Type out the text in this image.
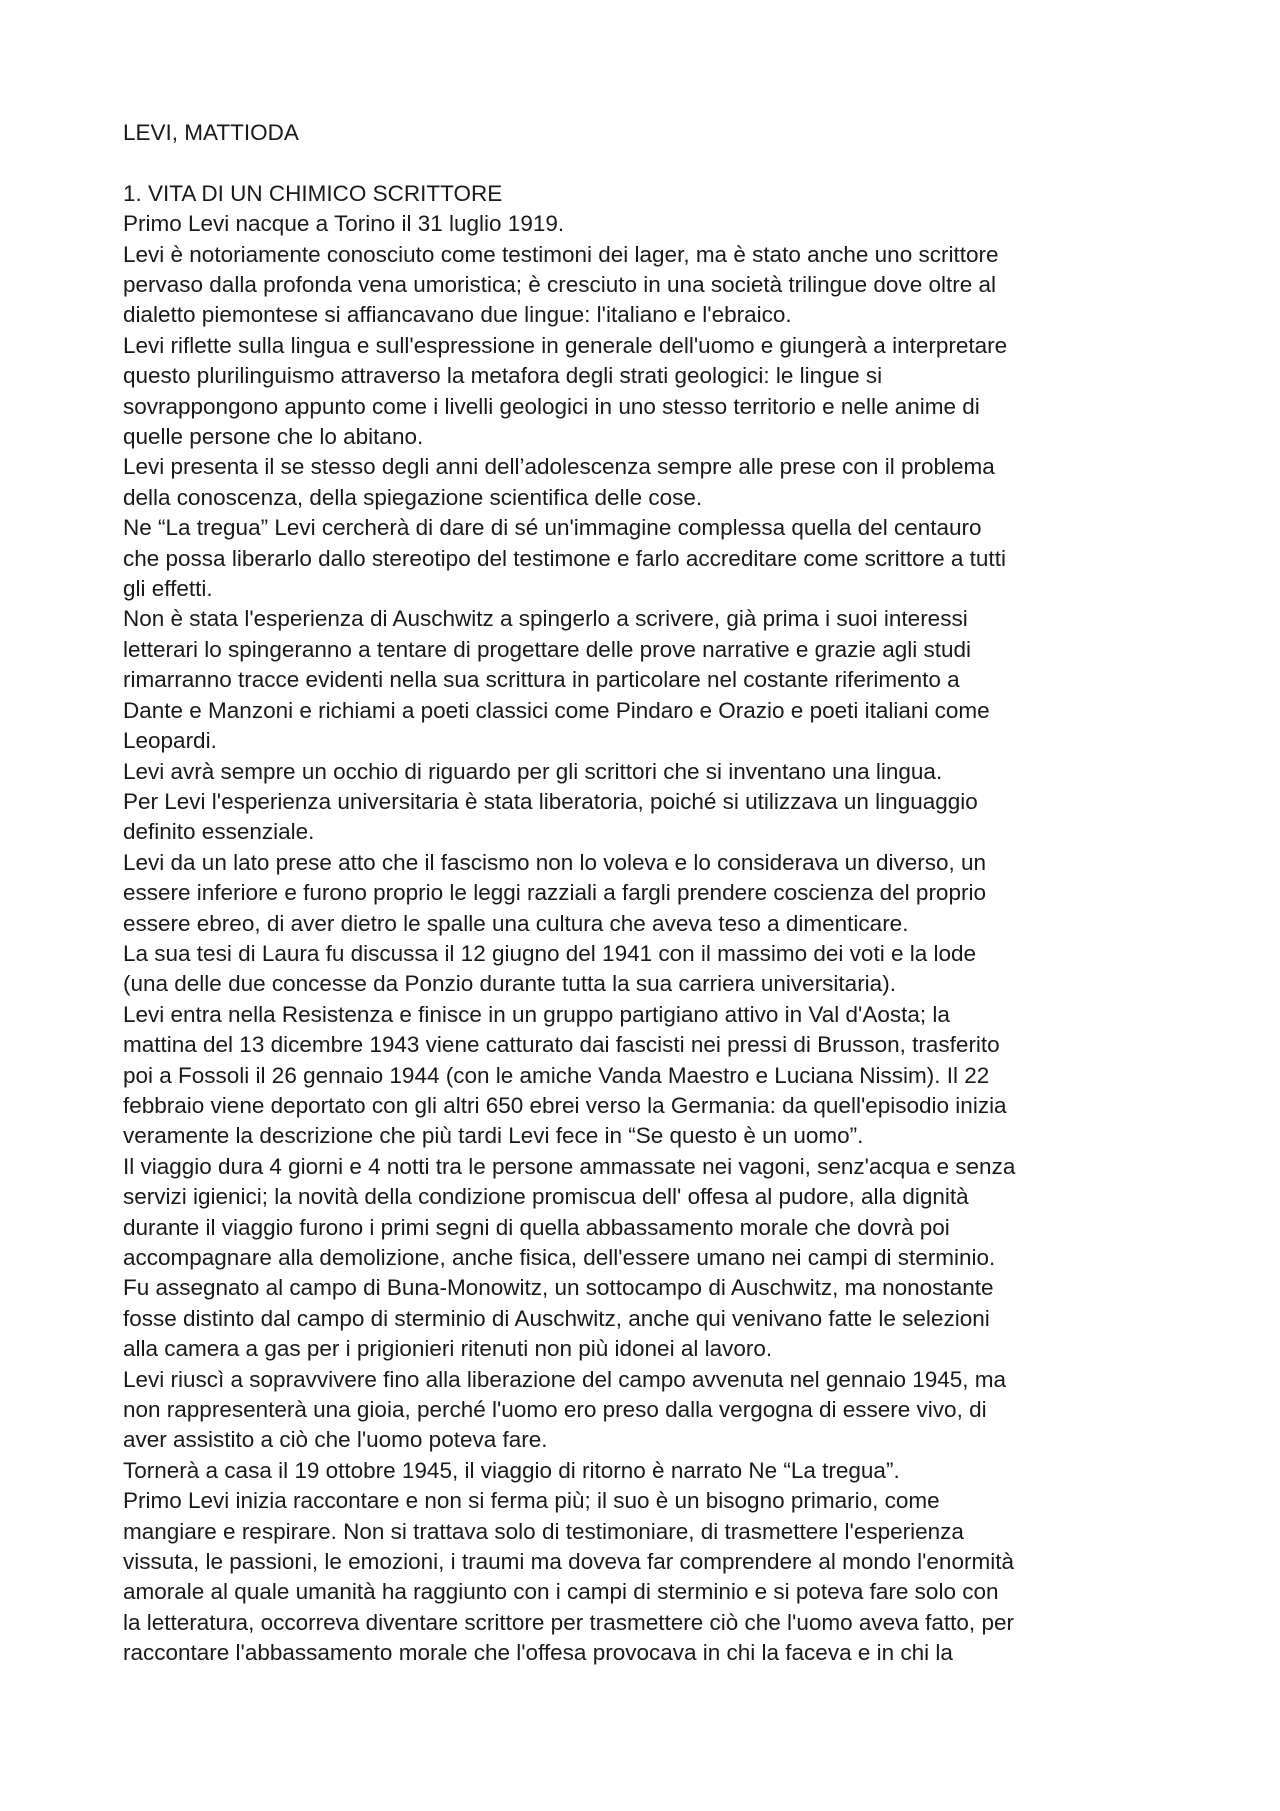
LEVI, MATTIODA
1. VITA DI UN CHIMICO SCRITTORE

Primo Levi nacque a Torino il 31 luglio 1919.

Levi è notoriamente conosciuto come testimoni dei lager, ma è stato anche uno scrittore
pervaso dalla profonda vena umoristica; è cresciuto in una società trilingue dove oltre al
dialetto piemontese si affiancavano due lingue: l'italiano e l'ebraico.

Levi riflette sulla lingua e sull'espressione in generale dell'uomo e giungerà a interpretare
questo plurilinguismo attraverso la metafora degli strati geologici: le lingue si
sovrappongono appunto come i livelli geologici in uno stesso territorio e nelle anime di
quelle persone che lo abitano.

Levi presenta il se stesso degli anni dell’adolescenza sempre alle prese con il problema
della conoscenza, della spiegazione scientifica delle cose.

Ne “La tregua” Levi cercherà di dare di sé un'immagine complessa quella del centauro
che possa liberarlo dallo stereotipo del testimone e farlo accreditare come scrittore a tutti
gli effetti.

Non è stata l'esperienza di Auschwitz a spingerlo a scrivere, già prima i suoi interessi
letterari lo spingeranno a tentare di progettare delle prove narrative e grazie agli studi
rimarranno tracce evidenti nella sua scrittura in particolare nel costante riferimento a
Dante e Manzoni e richiami a poeti classici come Pindaro e Orazio e poeti italiani come
Leopardi.

Levi avrà sempre un occhio di riguardo per gli scrittori che si inventano una lingua.

Per Levi l'esperienza universitaria è stata liberatoria, poiché si utilizzava un linguaggio
definito essenziale.

Levi da un lato prese atto che il fascismo non lo voleva e lo considerava un diverso, un
essere inferiore e furono proprio le leggi razziali a fargli prendere coscienza del proprio
essere ebreo, di aver dietro le spalle una cultura che aveva teso a dimenticare.

La sua tesi di Laura fu discussa il 12 giugno del 1941 con il massimo dei voti e la lode
(una delle due concesse da Ponzio durante tutta la sua carriera universitaria).

Levi entra nella Resistenza e finisce in un gruppo partigiano attivo in Val d'Aosta; la
mattina del 13 dicembre 1943 viene catturato dai fascisti nei pressi di Brusson, trasferito
poi a Fossoli il 26 gennaio 1944 (con le amiche Vanda Maestro e Luciana Nissim). Il 22
febbraio viene deportato con gli altri 650 ebrei verso la Germania: da quell'episodio inizia
veramente la descrizione che più tardi Levi fece in “Se questo è un uomo”.

Il viaggio dura 4 giorni e 4 notti tra le persone ammassate nei vagoni, senz'acqua e senza
servizi igienici; la novità della condizione promiscua dell' offesa al pudore, alla dignità
durante il viaggio furono i primi segni di quella abbassamento morale che dovrà poi
accompagnare alla demolizione, anche fisica, dell'essere umano nei campi di sterminio.

Fu assegnato al campo di Buna-Monowitz, un sottocampo di Auschwitz, ma nonostante
fosse distinto dal campo di sterminio di Auschwitz, anche qui venivano fatte le selezioni
alla camera a gas per i prigionieri ritenuti non più idonei al lavoro.

Levi riuscì a sopravvivere fino alla liberazione del campo avvenuta nel gennaio 1945, ma
non rappresenterà una gioia, perché l'uomo ero preso dalla vergogna di essere vivo, di
aver assistito a ciò che l'uomo poteva fare.

Tornerà a casa il 19 ottobre 1945, il viaggio di ritorno è narrato Ne “La tregua”.

Primo Levi inizia raccontare e non si ferma più; il suo è un bisogno primario, come
mangiare e respirare. Non si trattava solo di testimoniare, di trasmettere l'esperienza
vissuta, le passioni, le emozioni, i traumi ma doveva far comprendere al mondo l'enormità
amorale al quale umanità ha raggiunto con i campi di sterminio e si poteva fare solo con
la letteratura, occorreva diventare scrittore per trasmettere ciò che l'uomo aveva fatto, per
raccontare l'abbassamento morale che l'offesa provocava in chi la faceva e in chi la
